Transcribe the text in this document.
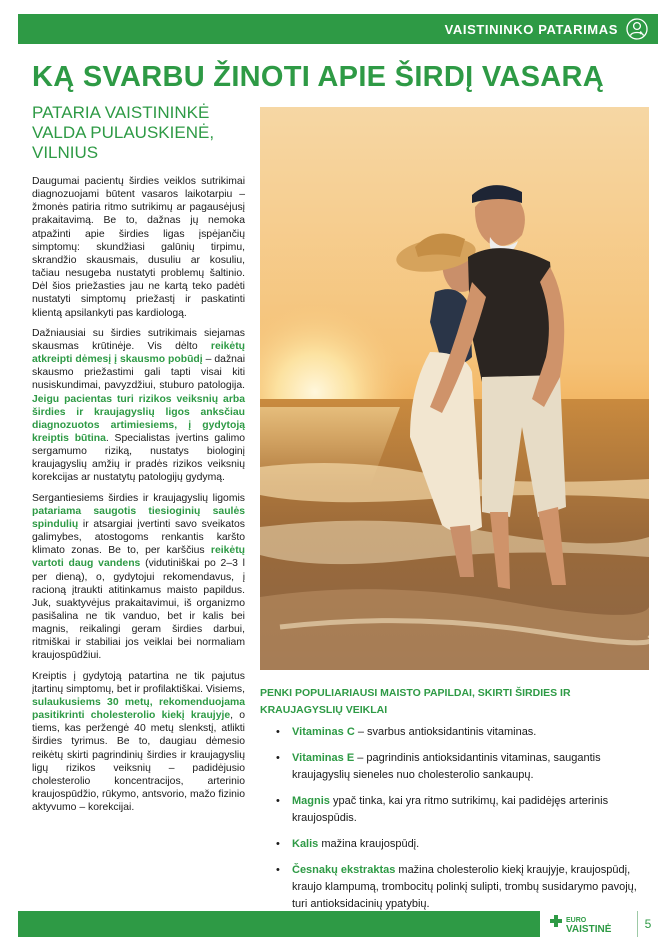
VAISTININKO PATARIMAS
KĄ SVARBU ŽINOTI APIE ŠIRDĮ VASARĄ
PATARIA VAISTININKĖ VALDA PULAUSKIENĖ, VILNIUS

Daugumai pacientų širdies veiklos sutrikimai diagnozuojami būtent vasaros laikotarpiu – žmonės patiria ritmo sutrikimų ar pagausėjusį prakaitavimą. Be to, dažnas jų nemoka atpažinti apie širdies ligas įspėjančių simptomų: skundžiasi galūnių tirpimu, skrandžio skausmais, dusuliu ar kosuliu, tačiau nesugeba nustatyti problemų šaltinio. Dėl šios priežasties jau ne kartą teko padėti nustatyti simptomų priežastį ir paskatinti klientą apsilankyti pas kardiologą.

Dažniausiai su širdies sutrikimais siejamas skausmas krūtinėje. Vis dėlto reikėtų atkreipti dėmesį į skausmo pobūdį – dažnai skausmo priežastimi gali tapti visai kiti nusiskundimai, pavyzdžiui, stuburo patologija. Jeigu pacientas turi rizikos veiksnių arba širdies ir kraujagyslių ligos anksčiau diagnozuotos artimiesiems, į gydytoją kreiptis būtina. Specialistas įvertins galimo sergamumo riziką, nustatys biologinį kraujagyslių amžių ir pradės rizikos veiksnių korekcijas ar nustatytų patologijų gydymą.

Sergantiesiems širdies ir kraujagyslių ligomis patariama saugotis tiesioginių saulės spindulių ir atsargiai įvertinti savo sveikatos galimybes, atostogoms renkantis karšto klimato zonas. Be to, per karščius reikėtų vartoti daug vandens (vidutiniškai po 2–3 l per dieną), o, gydytojui rekomendavus, į racioną įtraukti atitinkamus maisto papildus. Juk, suaktyvėjus prakaitavimui, iš organizmo pasišalina ne tik vanduo, bet ir kalis bei magnis, reikalingi geram širdies darbui, ritmiškai ir stabiliai jos veiklai bei normaliam kraujospūdžiui.

Kreiptis į gydytoją patartina ne tik pajutus įtartinų simptomų, bet ir profilaktiškai. Visiems, sulaukusiems 30 metų, rekomenduojama pasitikrinti cholesterolio kiekį kraujyje, o tiems, kas peržengė 40 metų slenkstį, atlikti širdies tyrimus. Be to, daugiau dėmesio reikėtų skirti pagrindinių širdies ir kraujagyslių ligų rizikos veiksnių – padidėjusio cholesterolio koncentracijos, arterinio kraujospūdžio, rūkymo, antsvorio, mažo fizinio aktyvumo – korekcijai.

PENKI POPULIARIAUSI MAISTO PAPILDAI, SKIRTI ŠIRDIES IR KRAUJAGYSLIŲ VEIKLAI
• Vitaminas C – svarbus antioksidantinis vitaminas.
• Vitaminas E – pagrindinis antioksidantinis vitaminas, saugantis kraujagyslių sieneles nuo cholesterolio sankaupų.
• Magnis ypač tinka, kai yra ritmo sutrikimų, kai padidėjęs arterinis kraujospūdis.
• Kalis mažina kraujospūdį.
• Česnakų ekstraktas mažina cholesterolio kiekį kraujyje, kraujospūdį, kraujo klampumą, trombocitų polinkį sulipti, trombų susidarymo pavojų, turi antioksidacinių ypatybių.
EURO
VAISTINĖ	5
